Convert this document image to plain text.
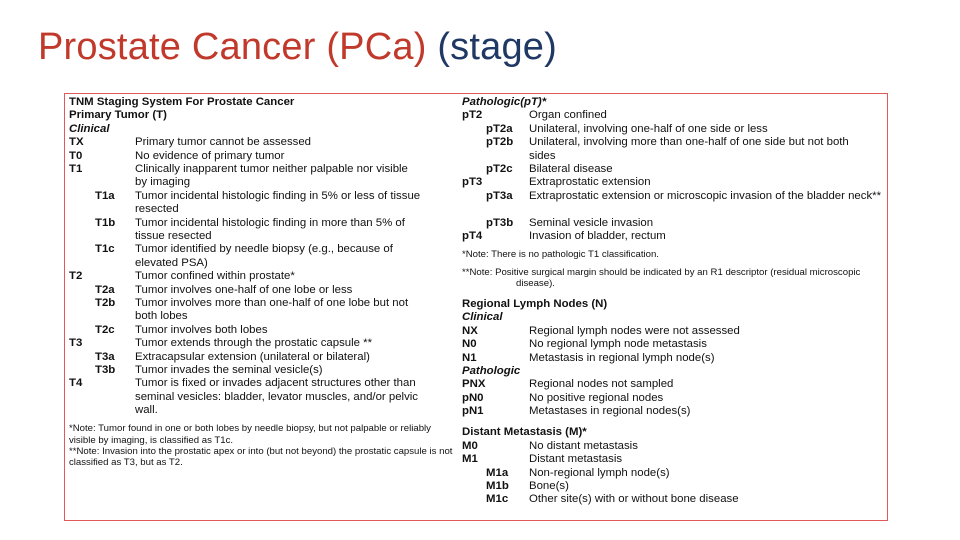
Prostate Cancer (PCa) (stage)
TNM Staging System For Prostate Cancer
Primary Tumor (T)
Clinical
TX	Primary tumor cannot be assessed
T0	No evidence of primary tumor
T1	Clinically inapparent tumor neither palpable nor visible by imaging
T1a Tumor incidental histologic finding in 5% or less of tissue resected
T1b Tumor incidental histologic finding in more than 5% of tissue resected
T1c Tumor identified by needle biopsy (e.g., because of elevated PSA)
T2	Tumor confined within prostate*
T2a Tumor involves one-half of one lobe or less
T2b Tumor involves more than one-half of one lobe but not both lobes
T2c Tumor involves both lobes
T3	Tumor extends through the prostatic capsule **
T3a Extracapsular extension (unilateral or bilateral)
T3b Tumor invades the seminal vesicle(s)
T4	Tumor is fixed or invades adjacent structures other than seminal vesicles: bladder, levator muscles, and/or pelvic wall.
*Note: Tumor found in one or both lobes by needle biopsy, but not palpable or reliably visible by imaging, is classified as T1c.
**Note: Invasion into the prostatic apex or into (but not beyond) the prostatic capsule is not classified as T3, but as T2.
Pathologic(pT)*
pT2	Organ confined
pT2a Unilateral, involving one-half of one side or less
pT2b Unilateral, involving more than one-half of one side but not both sides
pT2c Bilateral disease
pT3	Extraprostatic extension
pT3a Extraprostatic extension or microscopic invasion of the bladder neck**
pT3b Seminal vesicle invasion
pT4	Invasion of bladder, rectum
*Note: There is no pathologic T1 classification.
**Note: Positive surgical margin should be indicated by an R1 descriptor (residual microscopic disease).
Regional Lymph Nodes (N)
Clinical
NX	Regional lymph nodes were not assessed
N0	No regional lymph node metastasis
N1	Metastasis in regional lymph node(s)
Pathologic
PNX	Regional nodes not sampled
pN0	No positive regional nodes
pN1	Metastases in regional nodes(s)
Distant Metastasis (M)*
M0	No distant metastasis
M1	Distant metastasis
M1a Non-regional lymph node(s)
M1b Bone(s)
M1c Other site(s) with or without bone disease
